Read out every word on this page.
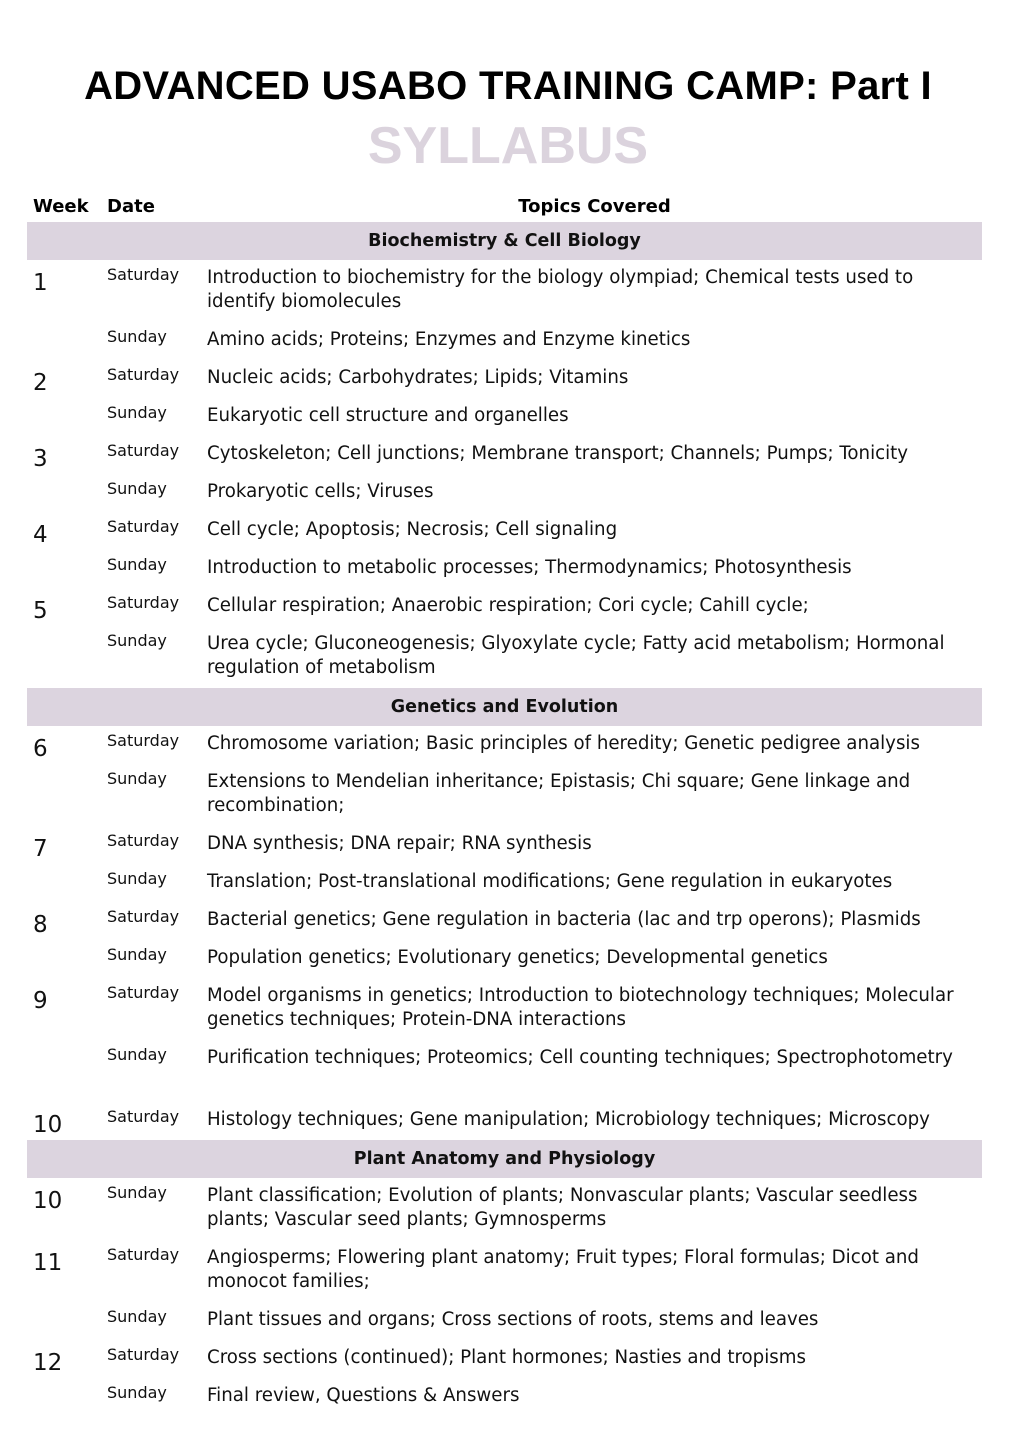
ADVANCED USABO TRAINING CAMP: Part I
SYLLABUS
Week	Date	Topics Covered
Biochemistry & Cell Biology
1	Saturday	Introduction to biochemistry for the biology olympiad; Chemical tests used to identify biomolecules
Sunday	Amino acids; Proteins; Enzymes and Enzyme kinetics
2	Saturday	Nucleic acids; Carbohydrates; Lipids; Vitamins
Sunday	Eukaryotic cell structure and organelles
3	Saturday	Cytoskeleton; Cell junctions; Membrane transport; Channels; Pumps; Tonicity
Sunday	Prokaryotic cells; Viruses
4	Saturday	Cell cycle; Apoptosis; Necrosis; Cell signaling
Sunday	Introduction to metabolic processes; Thermodynamics; Photosynthesis
5	Saturday	Cellular respiration; Anaerobic respiration; Cori cycle; Cahill cycle;
Sunday	Urea cycle; Gluconeogenesis; Glyoxylate cycle; Fatty acid metabolism; Hormonal regulation of metabolism
Genetics and Evolution
6	Saturday	Chromosome variation; Basic principles of heredity; Genetic pedigree analysis
Sunday	Extensions to Mendelian inheritance; Epistasis; Chi square; Gene linkage and recombination;
7	Saturday	DNA synthesis; DNA repair; RNA synthesis
Sunday	Translation; Post-translational modifications; Gene regulation in eukaryotes
8	Saturday	Bacterial genetics; Gene regulation in bacteria (lac and trp operons); Plasmids
Sunday	Population genetics; Evolutionary genetics; Developmental genetics
9	Saturday	Model organisms in genetics; Introduction to biotechnology techniques; Molecular genetics techniques; Protein-DNA interactions
Sunday	Purification techniques; Proteomics; Cell counting techniques; Spectrophotometry
10	Saturday	Histology techniques; Gene manipulation; Microbiology techniques; Microscopy
Plant Anatomy and Physiology
10	Sunday	Plant classification; Evolution of plants; Nonvascular plants; Vascular seedless plants; Vascular seed plants; Gymnosperms
11	Saturday	Angiosperms; Flowering plant anatomy; Fruit types; Floral formulas; Dicot and monocot families;
Sunday	Plant tissues and organs; Cross sections of roots, stems and leaves
12	Saturday	Cross sections (continued); Plant hormones; Nasties and tropisms
Sunday	Final review, Questions & Answers
